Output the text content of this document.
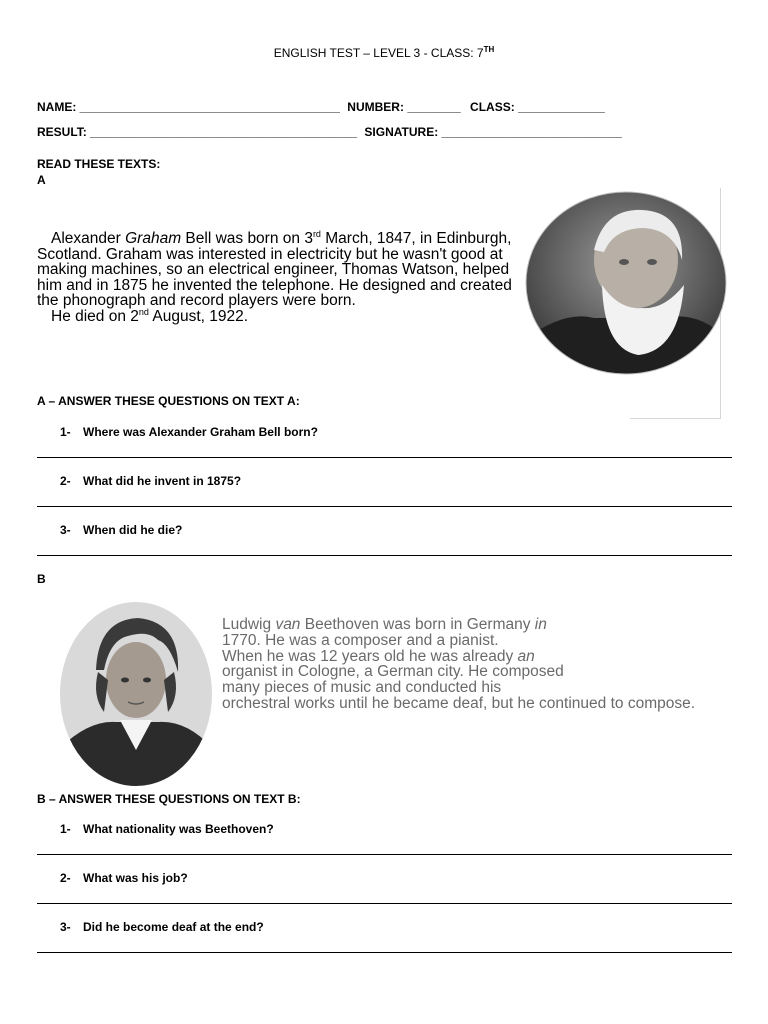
ENGLISH TEST – LEVEL 3 - CLASS: 7TH
NAME: _______________________________________ NUMBER: ________ CLASS: _____________
RESULT: ________________________________________ SIGNATURE: ___________________________
READ THESE TEXTS:
A
Alexander Graham Bell was born on 3rd March, 1847, in Edinburgh, Scotland. Graham was interested in electricity but he wasn't good at making machines, so an electrical engineer, Thomas Watson, helped him and in 1875 he invented the telephone. He designed and created the phonograph and record players were born.
He died on 2nd August, 1922.
A – ANSWER THESE QUESTIONS ON TEXT A:
1- Where was Alexander Graham Bell born?
2- What did he invent in 1875?
3- When did he die?
B
Ludwig van Beethoven was born in Germany in
1770. He was a composer and a pianist.
When he was 12 years old he was already an
organist in Cologne, a German city. He composed
many pieces of music and conducted his
orchestral works until he became deaf, but he continued to compose.
B – ANSWER THESE QUESTIONS ON TEXT B:
1- What nationality was Beethoven?
2- What was his job?
3- Did he become deaf at the end?
